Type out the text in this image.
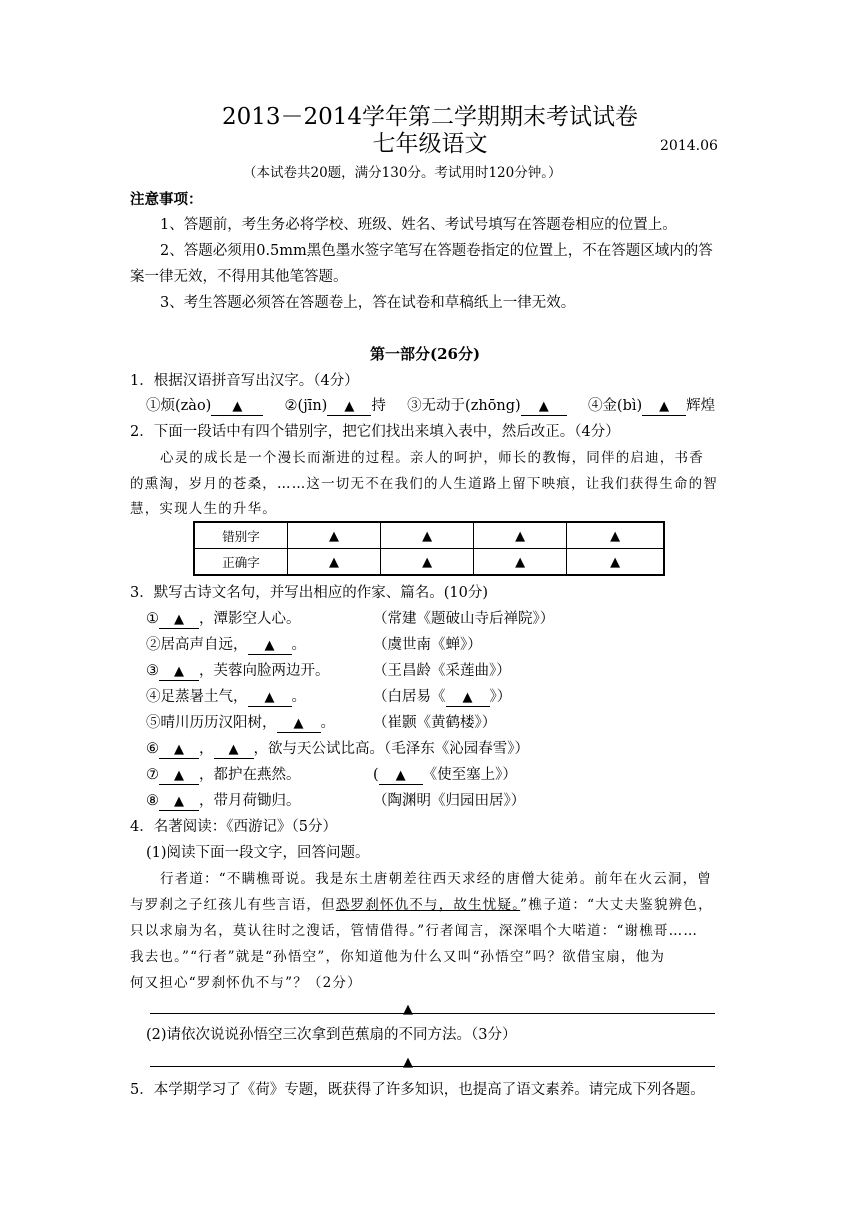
2013－2014学年第二学期期末考试试卷
七年级语文	2014.06
（本试卷共20题，满分130分。考试用时120分钟。）
注意事项：
1、答题前，考生务必将学校、班级、姓名、考试号填写在答题卷相应的位置上。
2、答题必须用0.5mm黑色墨水签字笔写在答题卷指定的位置上，不在答题区域内的答
案一律无效，不得用其他笔答题。
3、考生答题必须答在答题卷上，答在试卷和草稿纸上一律无效。
第一部分(26分)
1．根据汉语拼音写出汉字。（4分）
①烦(zào) ▲	②(jīn) ▲ 持 ③无动于(zhōng) ▲	④金(bì) ▲ 辉煌
2．下面一段话中有四个错别字，把它们找出来填入表中，然后改正。（4分）
心灵的成长是一个漫长而渐进的过程。亲人的呵护，师长的教悔，同伴的启迪，书香
的熏淘，岁月的苍桑，……这一切无不在我们的人生道路上留下映痕，让我们获得生命的智
慧，实现人生的升华。
错别字	▲	▲	▲	▲
正确字	▲	▲	▲	▲
3．默写古诗文名句，并写出相应的作家、篇名。(10分)
① ▲ ，潭影空人心。	（常建《题破山寺后禅院》）
②居高声自远， ▲ 。	（虞世南《蝉》）
③ ▲ ，芙蓉向脸两边开。	（王昌龄《采莲曲》）
④足蒸暑土气， ▲ 。	（白居易《 ▲ 》）
⑤晴川历历汉阳树， ▲ 。	（崔颢《黄鹤楼》）
⑥ ▲ ， ▲ ，欲与天公试比高。（毛泽东《沁园春雪》）
⑦ ▲ ，都护在燕然。	( ▲ 《使至塞上》）
⑧ ▲ ，带月荷锄归。	（陶渊明《归园田居》）
4．名著阅读：《西游记》（5分）
(1)阅读下面一段文字，回答问题。
行者道：“不瞒樵哥说。我是东土唐朝差往西天求经的唐僧大徒弟。前年在火云洞，曾
与罗刹之子红孩儿有些言语，但恐罗刹怀仇不与，故生忧疑。”樵子道：“大丈夫鉴貌辨色，
只以求扇为名，莫认往时之溲话，管情借得。”行者闻言，深深唱个大喏道：“谢樵哥……
我去也。”“行者”就是“孙悟空”，你知道他为什么又叫“孙悟空”吗？欲借宝扇，他为
何又担心“罗刹怀仇不与”？（2分）
▲
(2)请依次说说孙悟空三次拿到芭蕉扇的不同方法。（3分）
▲
5．本学期学习了《荷》专题，既获得了许多知识，也提高了语文素养。请完成下列各题。
